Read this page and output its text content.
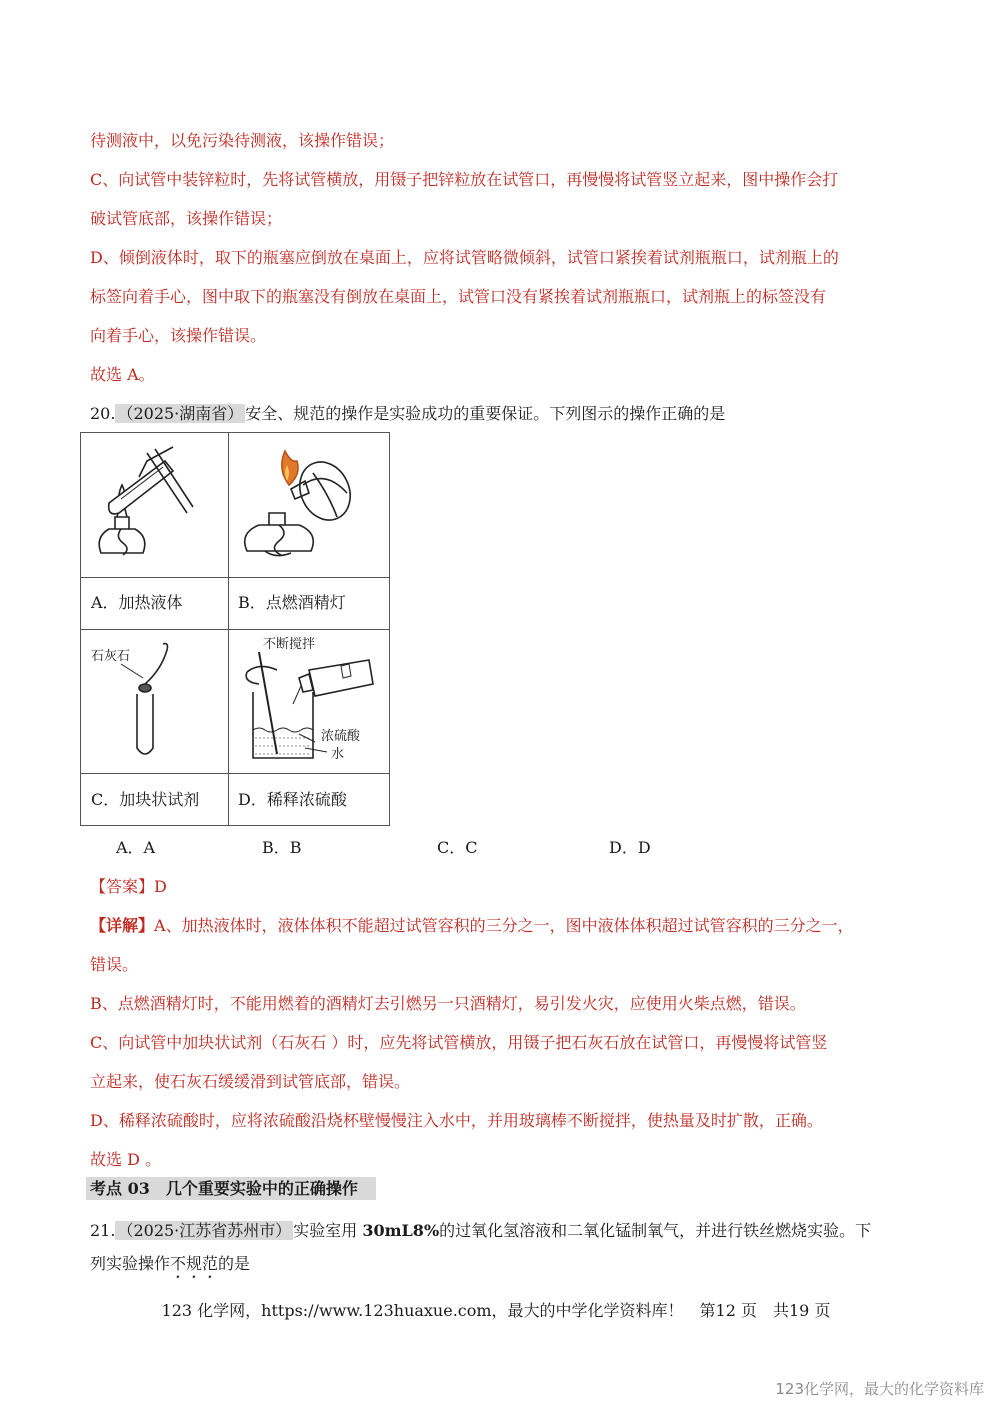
待测液中，以免污染待测液，该操作错误；
C、向试管中装锌粒时，先将试管横放，用镊子把锌粒放在试管口，再慢慢将试管竖立起来，图中操作会打
破试管底部，该操作错误；
D、倾倒液体时，取下的瓶塞应倒放在桌面上，应将试管略微倾斜，试管口紧挨着试剂瓶瓶口，试剂瓶上的
标签向着手心，图中取下的瓶塞没有倒放在桌面上，试管口没有紧挨着试剂瓶瓶口，试剂瓶上的标签没有
向着手心，该操作错误。
故选 A。
20. （2025·湖南省） 安全、规范的操作是实验成功的重要保证。下列图示的操作正确的是
A．加热液体	B．点燃酒精灯
石灰石
不断搅拌
浓硫酸
水
C．加块状试剂 D．稀释浓硫酸
A．A	B．B	C．C	D．D
【答案】D
【详解】A、加热液体时，液体体积不能超过试管容积的三分之一，图中液体体积超过试管容积的三分之一，
错误。
B、点燃酒精灯时，不能用燃着的酒精灯去引燃另一只酒精灯，易引发火灾，应使用火柴点燃，错误。
C、向试管中加块状试剂（石灰石 ）时，应先将试管横放，用镊子把石灰石放在试管口，再慢慢将试管竖
立起来，使石灰石缓缓滑到试管底部，错误。
D、稀释浓硫酸时，应将浓硫酸沿烧杯壁慢慢注入水中，并用玻璃棒不断搅拌，使热量及时扩散，正确。
故选 D 。
考点 03　几个重要实验中的正确操作
21. （2025·江苏省苏州市） 实验室用 30mL8%的过氧化氢溶液和二氧化锰制氧气，并进行铁丝燃烧实验。下
列实验操作不规范的是
123 化学网，https://www.123huaxue.com，最大的中学化学资料库！　第12 页　共19 页
123化学网，最大的化学资料库
